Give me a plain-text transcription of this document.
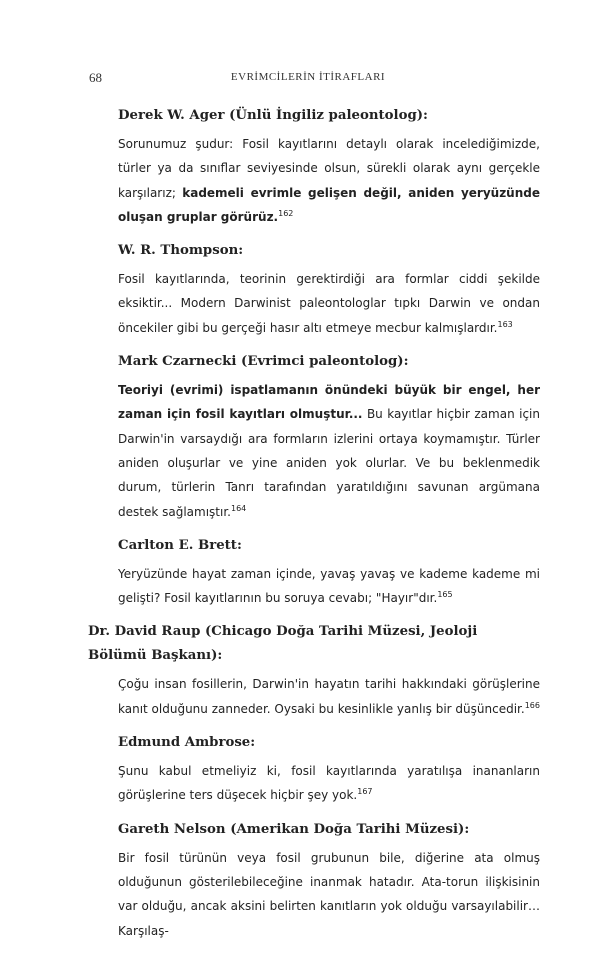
68	EVRİMCİLERİN İTİRAFLARI
Derek W. Ager (Ünlü İngiliz paleontolog):

Sorunumuz şudur: Fosil kayıtlarını detaylı olarak incelediğimizde, türler ya da sınıflar seviyesinde olsun, sürekli olarak aynı gerçekle karşılarız; kademeli evrimle gelişen değil, aniden yeryüzünde oluşan gruplar görürüz.$^{162}$

W. R. Thompson:

Fosil kayıtlarında, teorinin gerektirdiği ara formlar ciddi şekilde eksiktir... Modern Darwinist paleontologlar tıpkı Darwin ve ondan öncekiler gibi bu gerçeği hasır altı etmeye mecbur kalmışlardır.$^{163}$

Mark Czarnecki (Evrimci paleontolog):

Teoriyi (evrimi) ispatlamanın önündeki büyük bir engel, her zaman için fosil kayıtları olmuştur... Bu kayıtlar hiçbir zaman için Darwin'in varsaydığı ara formların izlerini ortaya koymamıştır. Türler aniden oluşurlar ve yine aniden yok olurlar. Ve bu beklenmedik durum, türlerin Tanrı tarafından yaratıldığını savunan argümana destek sağlamıştır.$^{164}$

Carlton E. Brett:

Yeryüzünde hayat zaman içinde, yavaş yavaş ve kademe kademe mi gelişti? Fosil kayıtlarının bu soruya cevabı; "Hayır"dır.$^{165}$

Dr. David Raup (Chicago Doğa Tarihi Müzesi, Jeoloji Bölümü Başkanı):

Çoğu insan fosillerin, Darwin'in hayatın tarihi hakkındaki görüşlerine kanıt olduğunu zanneder. Oysaki bu kesinlikle yanlış bir düşüncedir.$^{166}$

Edmund Ambrose:

Şunu kabul etmeliyiz ki, fosil kayıtlarında yaratılışa inananların görüşlerine ters düşecek hiçbir şey yok.$^{167}$

Gareth Nelson (Amerikan Doğa Tarihi Müzesi):

Bir fosil türünün veya fosil grubunun bile, diğerine ata olmuş olduğunun gösterilebileceğine inanmak hatadır. Ata-torun ilişkisinin var olduğu, ancak aksini belirten kanıtların yok olduğu varsayılabilir… Karşılaş-
